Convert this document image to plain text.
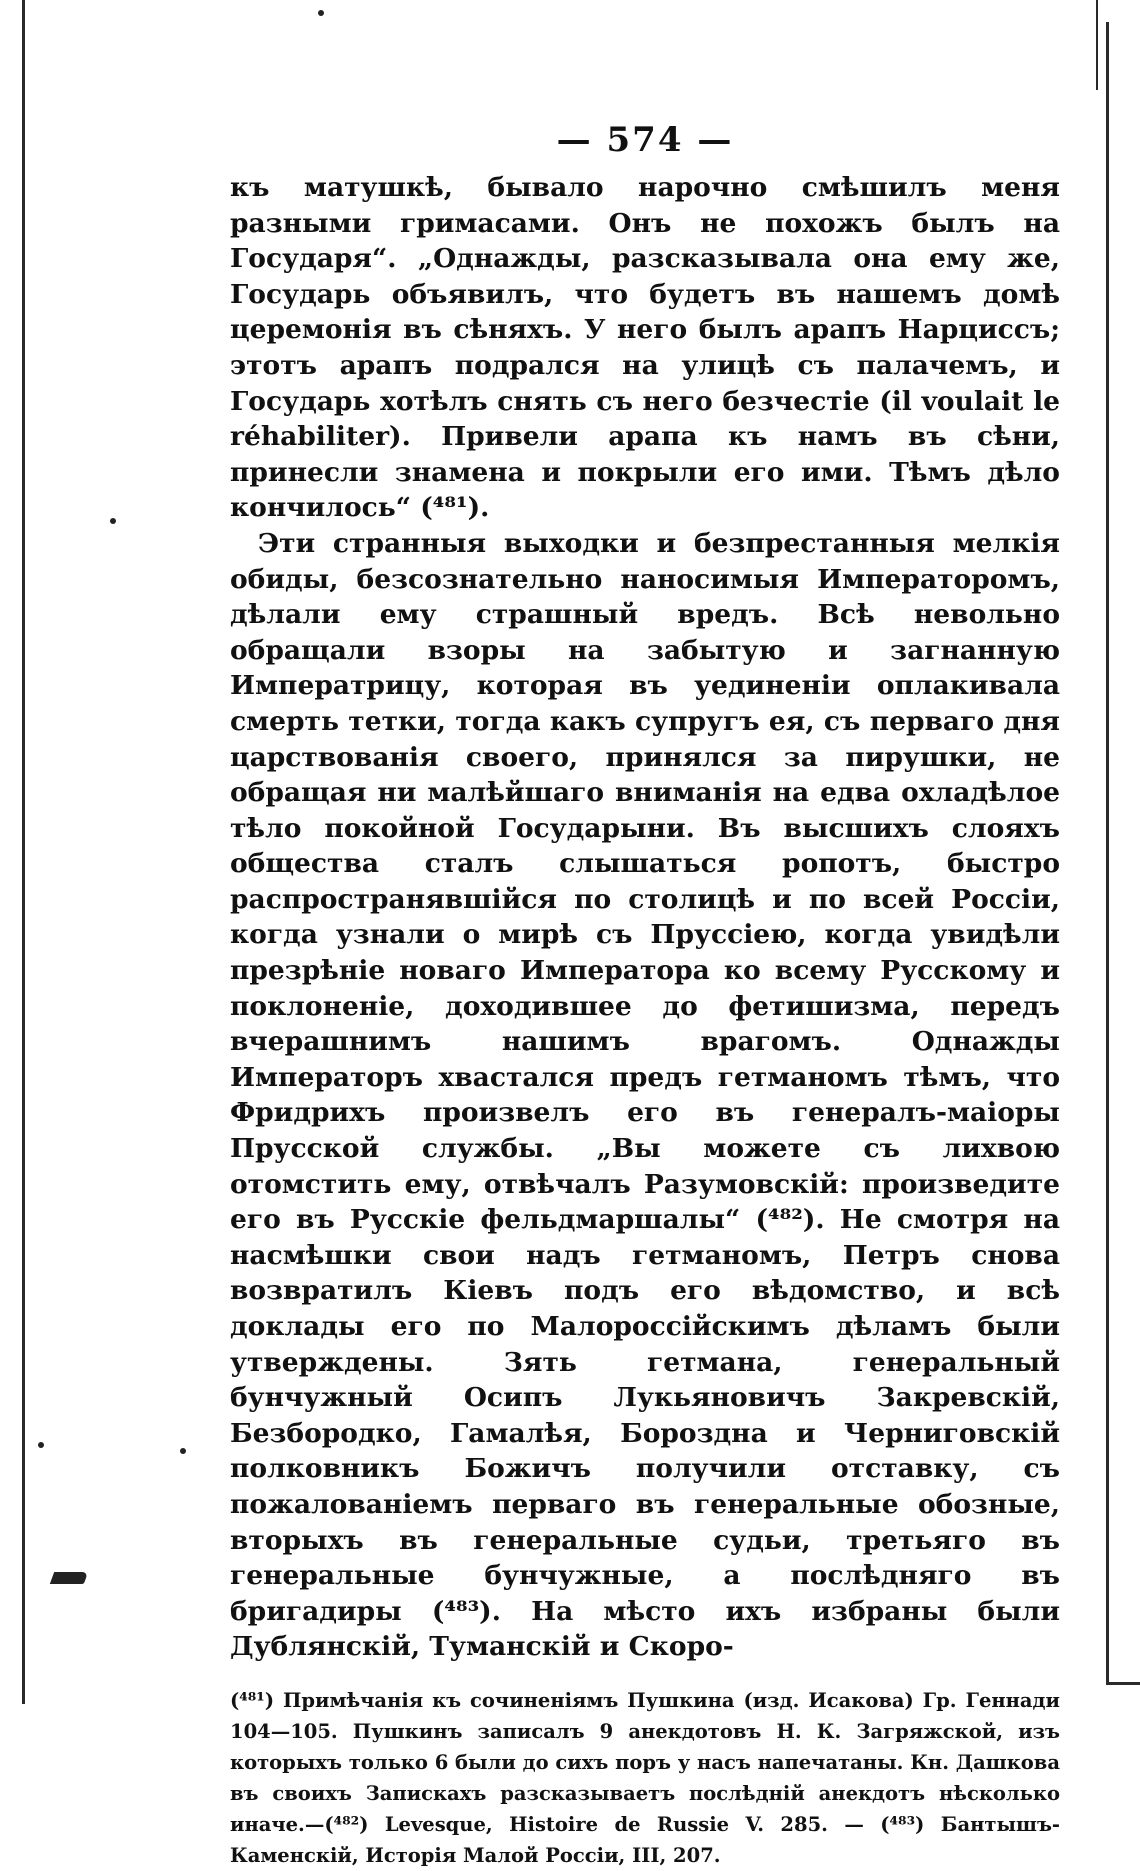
— 574 —

къ матушкѣ, бывало нарочно смѣшилъ меня разными гримасами. Онъ не похожъ былъ на Государя“. „Однажды, разсказывала она ему же, Государь объявилъ, что будетъ въ нашемъ домѣ церемонія въ сѣняхъ. У него былъ арапъ Нарциссъ; этотъ арапъ подрался на улицѣ съ палачемъ, и Государь хотѣлъ снять съ него безчестіе (il voulait le réhabiliter). Привели арапа къ намъ въ сѣни, принесли знамена и покрыли его ими. Тѣмъ дѣло кончилось“ (⁴⁸¹).

Эти странныя выходки и безпрестанныя мелкія обиды, безсознательно наносимыя Императоромъ, дѣлали ему страшный вредъ. Всѣ невольно обращали взоры на забытую и загнанную Императрицу, которая въ уединеніи оплакивала смерть тетки, тогда какъ супругъ ея, съ перваго дня царствованія своего, принялся за пирушки, не обращая ни малѣйшаго вниманія на едва охладѣлое тѣло покойной Государыни. Въ высшихъ слояхъ общества сталъ слышаться ропотъ, быстро распространявшійся по столицѣ и по всей Россіи, когда узнали о мирѣ съ Пруссіею, когда увидѣли презрѣніе новаго Императора ко всему Русскому и поклоненіе, доходившее до фетишизма, передъ вчерашнимъ нашимъ врагомъ. Однажды Императоръ хвастался предъ гетманомъ тѣмъ, что Фридрихъ произвелъ его въ генералъ-маіоры Прусской службы. „Вы можете съ лихвою отомстить ему, отвѣчалъ Разумовскій: произведите его въ Русскіе фельдмаршалы“ (⁴⁸²). Не смотря на насмѣшки свои надъ гетманомъ, Петръ снова возвратилъ Кіевъ подъ его вѣдомство, и всѣ доклады его по Малороссійскимъ дѣламъ были утверждены. Зять гетмана, генеральный бунчужный Осипъ Лукьяновичъ Закревскій, Безбородко, Гамалѣя, Бороздна и Черниговскій полковникъ Божичъ получили отставку, съ пожалованіемъ перваго въ генеральные обозные, вторыхъ въ генеральные судьи, третьяго въ генеральные бунчужные, а послѣдняго въ бригадиры (⁴⁸³). На мѣсто ихъ избраны были Дублянскій, Туманскій и Скоро-

(⁴⁸¹) Примѣчанія къ сочиненіямъ Пушкина (изд. Исакова) Гр. Геннади 104—105. Пушкинъ записалъ 9 анекдотовъ Н. К. Загряжской, изъ которыхъ только 6 были до сихъ поръ у насъ напечатаны. Кн. Дашкова въ своихъ Запискахъ разсказываетъ послѣдній анекдотъ нѣсколько иначе.—(⁴⁸²) Levesque, Histoire de Russie V. 285. — (⁴⁸³) Бантышъ-Каменскій, Исторія Малой Россіи, III, 207.
